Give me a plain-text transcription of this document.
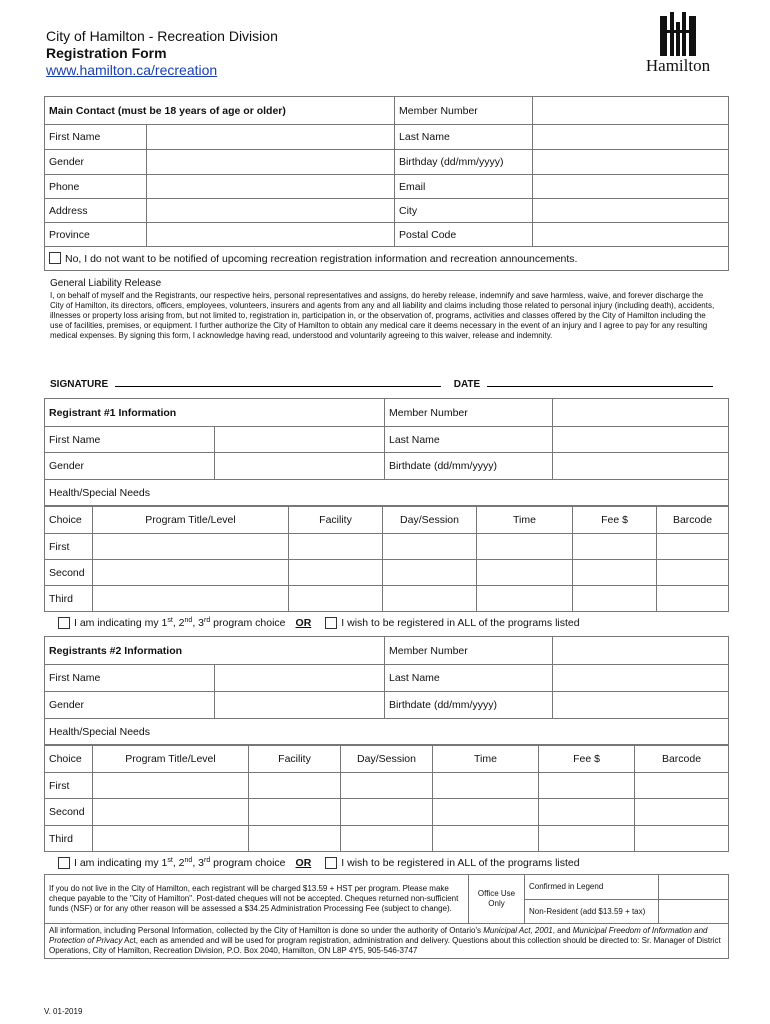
City of Hamilton - Recreation Division
Registration Form
www.hamilton.ca/recreation	Hamilton
Main Contact (must be 18 years of age or older)		Member Number	
First Name		Last Name	
Gender		Birthday (dd/mm/yyyy)	
Phone		Email	
Address		City	
Province		Postal Code	
No, I do not want to be notified of upcoming recreation registration information and recreation announcements.			
General Liability Release
I, on behalf of myself and the Registrants, our respective heirs, personal representatives and assigns, do hereby release, indemnify and save harmless, waive, and forever discharge the City of Hamilton, its directors, officers, employees, volunteers, insurers and agents from any and all liability and claims including those related to personal injury (including death), accidents, illnesses or property loss arising from, but not limited to, registration in, participation in, or the observation of, programs, activities and classes offered by the City of Hamilton including the use of facilities, premises, or equipment. I further authorize the City of Hamilton to obtain any medical care it deems necessary in the event of an injury and I agree to pay for any resulting medical expenses. By signing this form, I acknowledge having read, understood and voluntarily agreeing to this waiver, release and indemnity.
SIGNATURE	DATE
Registrant #1 Information		Member Number	
First Name		Last Name	
Gender		Birthdate (dd/mm/yyyy)	
Health/Special Needs			
Choice	Program Title/Level	Facility	Day/Session	Time	Fee $	Barcode
First						
Second						
Third						
I am indicating my 1st, 2nd, 3rd program choice OR	I wish to be registered in ALL of the programs listed
Registrants #2 Information		Member Number	
First Name		Last Name	
Gender		Birthdate (dd/mm/yyyy)	
Health/Special Needs			
Choice	Program Title/Level	Facility	Day/Session	Time	Fee $	Barcode
First						
Second						
Third						
I am indicating my 1st, 2nd, 3rd program choice OR	I wish to be registered in ALL of the programs listed
If you do not live in the City of Hamilton, each registrant will be charged $13.59 + HST per program. Please make cheque payable to the "City of Hamilton". Post-dated cheques will not be accepted. Cheques returned non-sufficient funds (NSF) or for any other reason will be assessed a $34.25 Administration Processing Fee (subject to change).	Office Use Only	Confirmed in Legend	
		Non-Resident (add $13.59 + tax)	
All information, including Personal Information, collected by the City of Hamilton is done so under the authority of Ontario's Municipal Act, 2001, and Municipal Freedom of Information and Protection of Privacy Act, each as amended and will be used for program registration, administration and delivery. Questions about this collection should be directed to: Sr. Manager of District Operations, City of Hamilton, Recreation Division, P.O. Box 2040, Hamilton, ON L8P 4Y5, 905-546-3747			
V. 01-2019
